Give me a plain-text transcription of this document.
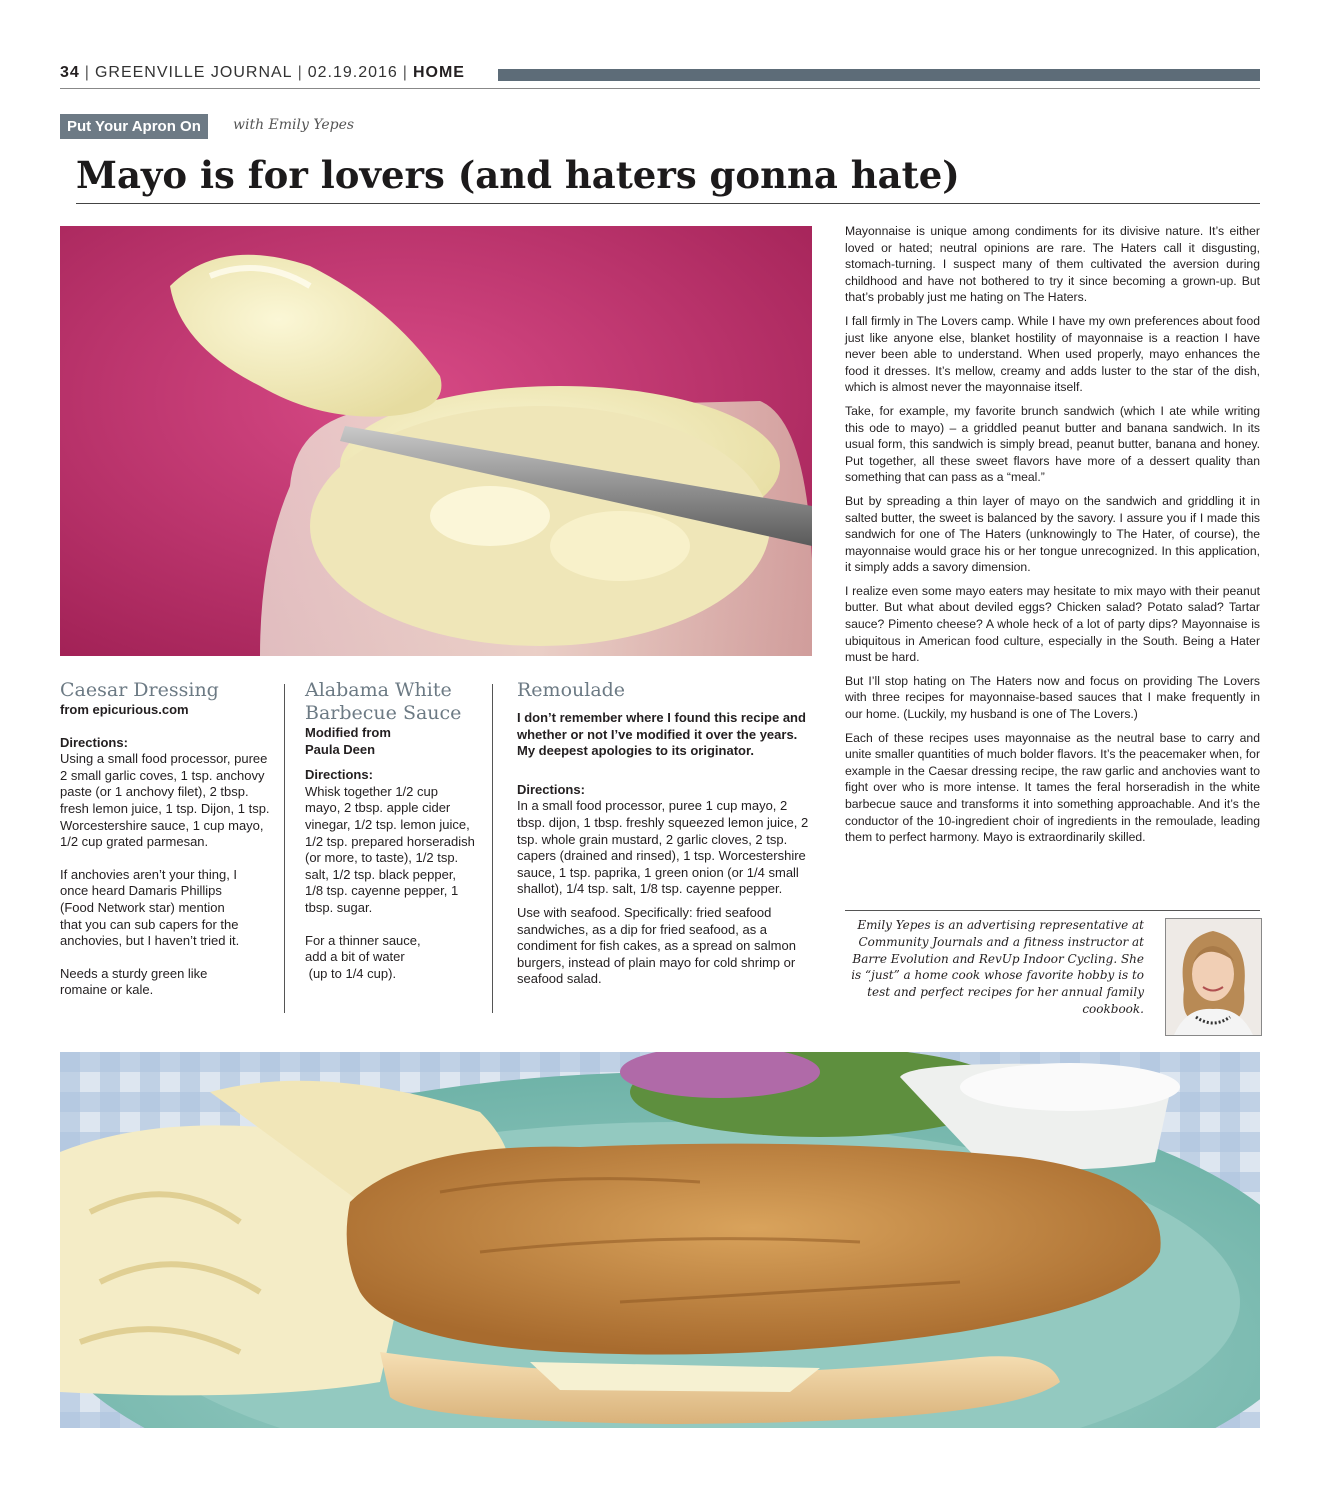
34 | GREENVILLE JOURNAL | 02.19.2016 | HOME
Put Your Apron On	with Emily Yepes
Mayo is for lovers (and haters gonna hate)
Caesar Dressing

from epicurious.com

Directions:

Using a small food processor, puree 2 small garlic coves, 1 tsp. anchovy paste (or 1 anchovy filet), 2 tbsp. fresh lemon juice, 1 tsp. Dijon, 1 tsp. Worcestershire sauce, 1 cup mayo, 1/2 cup grated parmesan.

If anchovies aren’t your thing, I once heard Damaris Phillips (Food Network star) mention that you can sub capers for the anchovies, but I haven’t tried it.

Needs a sturdy green like romaine or kale.

Alabama White
Barbecue Sauce

Modified from
Paula Deen

Directions:

Whisk together 1/2 cup mayo, 2 tbsp. apple cider vinegar, 1/2 tsp. lemon juice, 1/2 tsp. prepared horseradish (or more, to taste), 1/2 tsp. salt, 1/2 tsp. black pepper, 1/8 tsp. cayenne pepper, 1 tbsp. sugar.

For a thinner sauce,
add a bit of water
(up to 1/4 cup).

Remoulade

I don’t remember where I found this recipe and whether or not I’ve modified it over the years. My deepest apologies to its originator.

Directions:

In a small food processor, puree 1 cup mayo, 2 tbsp. dijon, 1 tbsp. freshly squeezed lemon juice, 2 tsp. whole grain mustard, 2 garlic cloves, 2 tsp. capers (drained and rinsed), 1 tsp. Worcestershire sauce, 1 tsp. paprika, 1 green onion (or 1/4 small shallot), 1/4 tsp. salt, 1/8 tsp. cayenne pepper.

Use with seafood. Specifically: fried seafood sandwiches, as a dip for fried seafood, as a condiment for fish cakes, as a spread on salmon burgers, instead of plain mayo for cold shrimp or seafood salad.

Mayonnaise is unique among condiments for its divisive nature. It’s either loved or hated; neutral opinions are rare. The Haters call it disgusting, stomach-turning. I suspect many of them cultivated the aversion during childhood and have not bothered to try it since becoming a grown-up. But that’s probably just me hating on The Haters.

I fall firmly in The Lovers camp. While I have my own preferences about food just like anyone else, blanket hostility of mayonnaise is a reaction I have never been able to understand. When used properly, mayo enhances the food it dresses. It’s mellow, creamy and adds luster to the star of the dish, which is almost never the mayonnaise itself.

Take, for example, my favorite brunch sandwich (which I ate while writing this ode to mayo) – a griddled peanut butter and banana sandwich. In its usual form, this sandwich is simply bread, peanut butter, banana and honey. Put together, all these sweet flavors have more of a dessert quality than something that can pass as a “meal.”

But by spreading a thin layer of mayo on the sandwich and griddling it in salted butter, the sweet is balanced by the savory. I assure you if I made this sandwich for one of The Haters (unknowingly to The Hater, of course), the mayonnaise would grace his or her tongue unrecognized. In this application, it simply adds a savory dimension.

I realize even some mayo eaters may hesitate to mix mayo with their peanut butter. But what about deviled eggs? Chicken salad? Potato salad? Tartar sauce? Pimento cheese? A whole heck of a lot of party dips? Mayonnaise is ubiquitous in American food culture, especially in the South. Being a Hater must be hard.

But I’ll stop hating on The Haters now and focus on providing The Lovers with three recipes for mayonnaise-based sauces that I make frequently in our home. (Luckily, my husband is one of The Lovers.)

Each of these recipes uses mayonnaise as the neutral base to carry and unite smaller quantities of much bolder flavors. It’s the peacemaker when, for example in the Caesar dressing recipe, the raw garlic and anchovies want to fight over who is more intense. It tames the feral horseradish in the white barbecue sauce and transforms it into something approachable. And it’s the conductor of the 10-ingredient choir of ingredients in the remoulade, leading them to perfect harmony. Mayo is extraordinarily skilled.

Emily Yepes is an advertising representative at Community Journals and a fitness instructor at Barre Evolution and RevUp Indoor Cycling. She is “just” a home cook whose favorite hobby is to test and perfect recipes for her annual family cookbook.
